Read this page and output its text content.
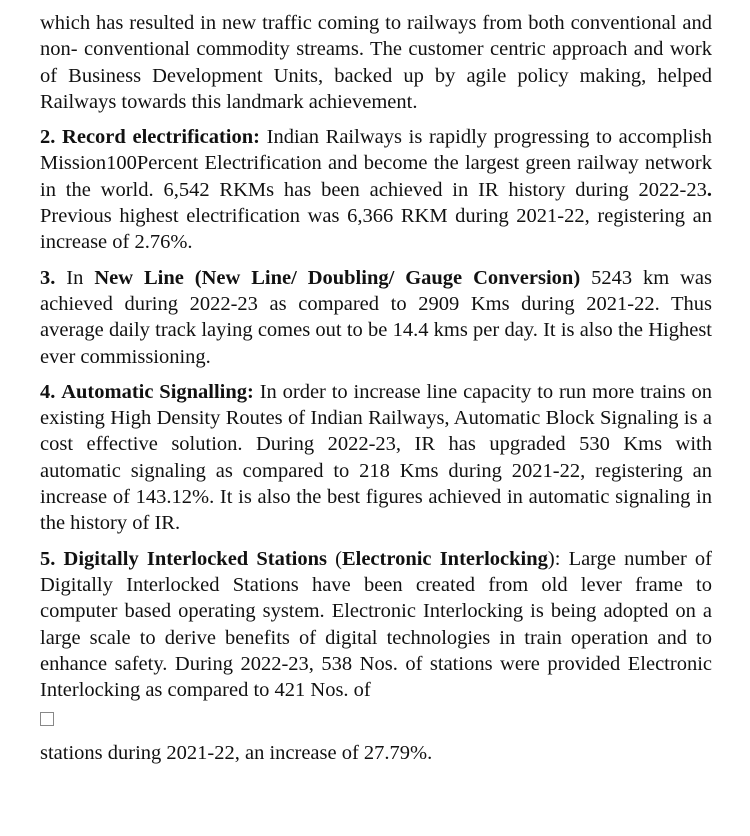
which has resulted in new traffic coming to railways from both conventional and non- conventional commodity streams. The customer centric approach and work of Business Development Units, backed up by agile policy making, helped Railways towards this landmark achievement.

2. Record electrification: Indian Railways is rapidly progressing to accomplish Mission100Percent Electrification and become the largest green railway network in the world. 6,542 RKMs has been achieved in IR history during 2022-23. Previous highest electrification was 6,366 RKM during 2021-22, registering an increase of 2.76%.

3. In New Line (New Line/ Doubling/ Gauge Conversion) 5243 km was achieved during 2022-23 as compared to 2909 Kms during 2021-22. Thus average daily track laying comes out to be 14.4 kms per day. It is also the Highest ever commissioning.

4. Automatic Signalling: In order to increase line capacity to run more trains on existing High Density Routes of Indian Railways, Automatic Block Signaling is a cost effective solution. During 2022-23, IR has upgraded 530 Kms with automatic signaling as compared to 218 Kms during 2021-22, registering an increase of 143.12%. It is also the best figures achieved in automatic signaling in the history of IR.

5. Digitally Interlocked Stations (Electronic Interlocking): Large number of Digitally Interlocked Stations have been created from old lever frame to computer based operating system. Electronic Interlocking is being adopted on a large scale to derive benefits of digital technologies in train operation and to enhance safety. During 2022-23, 538 Nos. of stations were provided Electronic Interlocking as compared to 421 Nos. of

stations during 2021-22, an increase of 27.79%.
